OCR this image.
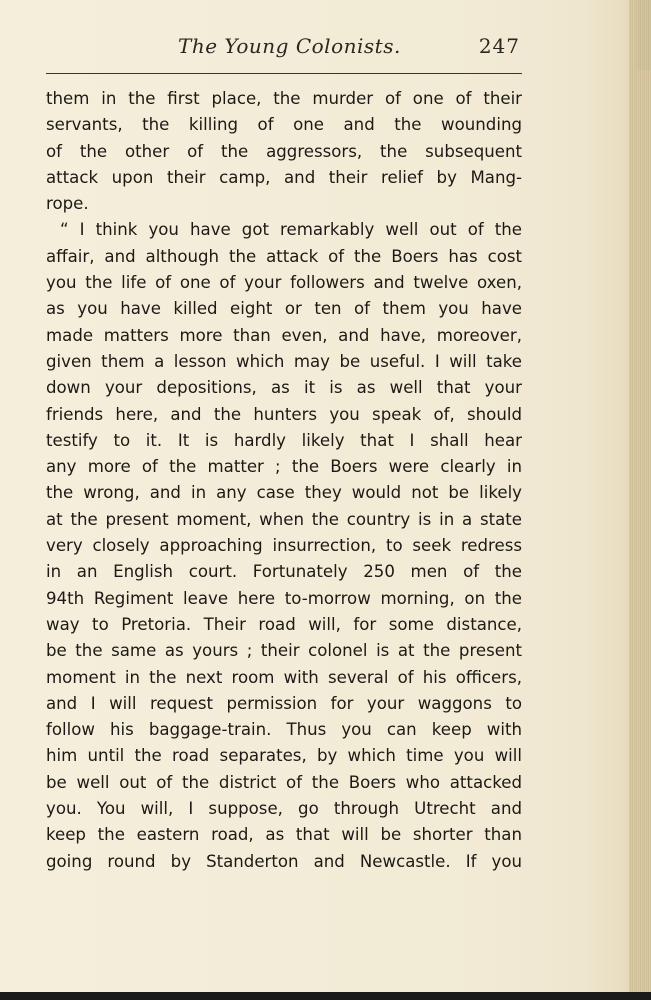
The Young Colonists.	247
them in the first place, the murder of one of their
servants, the killing of one and the wounding
of the other of the aggressors, the subsequent
attack upon their camp, and their relief by Mang-
rope.
“ I think you have got remarkably well out of the
affair, and although the attack of the Boers has cost
you the life of one of your followers and twelve oxen,
as you have killed eight or ten of them you have
made matters more than even, and have, moreover,
given them a lesson which may be useful. I will take
down your depositions, as it is as well that your
friends here, and the hunters you speak of, should
testify to it. It is hardly likely that I shall hear
any more of the matter ; the Boers were clearly in
the wrong, and in any case they would not be likely
at the present moment, when the country is in a state
very closely approaching insurrection, to seek redress
in an English court. Fortunately 250 men of the
94th Regiment leave here to-morrow morning, on the
way to Pretoria. Their road will, for some distance,
be the same as yours ; their colonel is at the present
moment in the next room with several of his officers,
and I will request permission for your waggons to
follow his baggage-train. Thus you can keep with
him until the road separates, by which time you will
be well out of the district of the Boers who attacked
you. You will, I suppose, go through Utrecht and
keep the eastern road, as that will be shorter than
going round by Standerton and Newcastle. If you
